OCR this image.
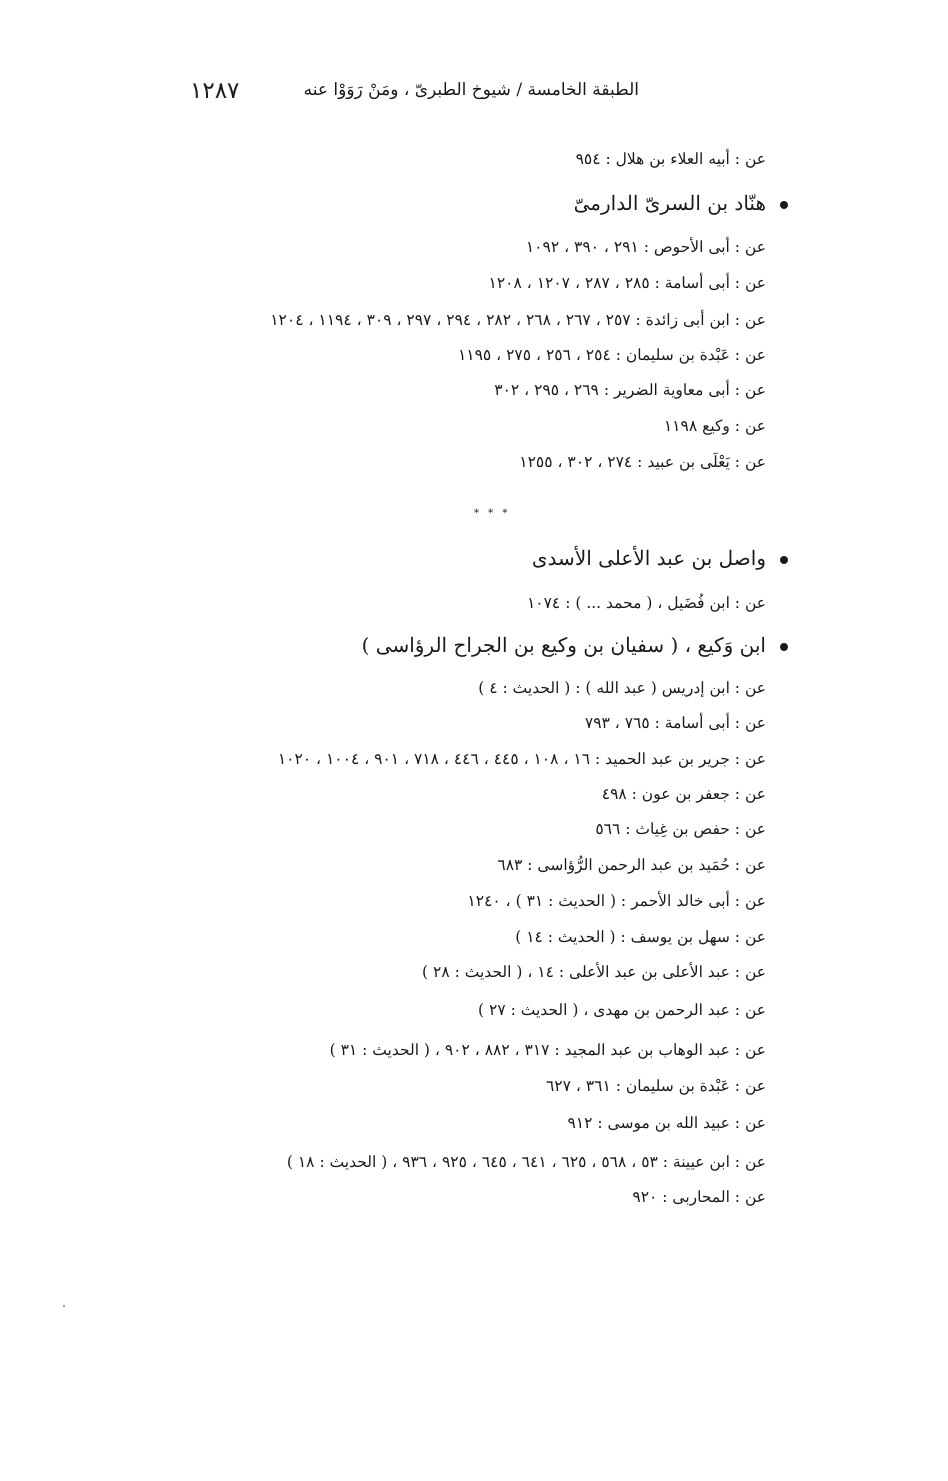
١٢٨٧	الطبقة الخامسة / شيوخ الطبرىّ ، ومَنْ رَوَوْا عنه
عن : أبيه العلاء بن هلال : ٩٥٤
هنّاد بن السرىّ الدارمىّ
عن : أبى الأحوص : ٢٩١ ، ٣٩٠ ، ١٠٩٢
عن : أبى أسامة : ٢٨٥ ، ٢٨٧ ، ١٢٠٧ ، ١٢٠٨
عن : ابن أبى زائدة : ٢٥٧ ، ٢٦٧ ، ٢٦٨ ، ٢٨٢ ، ٢٩٤ ، ٢٩٧ ، ٣٠٩ ، ١١٩٤ ، ١٢٠٤
عن : عَبْدة بن سليمان : ٢٥٤ ، ٢٥٦ ، ٢٧٥ ، ١١٩٥
عن : أبى معاوية الضرير : ٢٦٩ ، ٢٩٥ ، ٣٠٢
عن : وكيع ١١٩٨
عن : يَعْلَى بن عبيد : ٢٧٤ ، ٣٠٢ ، ١٢٥٥
* * *
واصل بن عبد الأعلى الأسدى
عن : ابن فُضَيل ، ( محمد ... ) : ١٠٧٤
ابن وَكيع ، ( سفيان بن وكيع بن الجراح الرؤاسى )
عن : ابن إدريس ( عبد الله ) : ( الحديث : ٤ )
عن : أبى أسامة : ٧٦٥ ، ٧٩٣
عن : جرير بن عبد الحميد : ١٦ ، ١٠٨ ، ٤٤٥ ، ٤٤٦ ، ٧١٨ ، ٩٠١ ، ١٠٠٤ ، ١٠٢٠
عن : جعفر بن عون : ٤٩٨
عن : حفص بن غِياث : ٥٦٦
عن : حُمَيد بن عبد الرحمن الرُّؤاسى : ٦٨٣
عن : أبى خالد الأحمر : ( الحديث : ٣١ ) ، ١٢٤٠
عن : سهل بن يوسف : ( الحديث : ١٤ )
عن : عبد الأعلى بن عبد الأعلى : ١٤ ، ( الحديث : ٢٨ )
عن : عبد الرحمن بن مهدى ، ( الحديث : ٢٧ )
عن : عبد الوهاب بن عبد المجيد : ٣١٧ ، ٨٨٢ ، ٩٠٢ ، ( الحديث : ٣١ )
عن : عَبْدة بن سليمان : ٣٦١ ، ٦٢٧
عن : عبيد الله بن موسى : ٩١٢
عن : ابن عيينة : ٥٣ ، ٥٦٨ ، ٦٢٥ ، ٦٤١ ، ٦٤٥ ، ٩٢٥ ، ٩٣٦ ، ( الحديث : ١٨ )
عن : المحاربى : ٩٢٠
